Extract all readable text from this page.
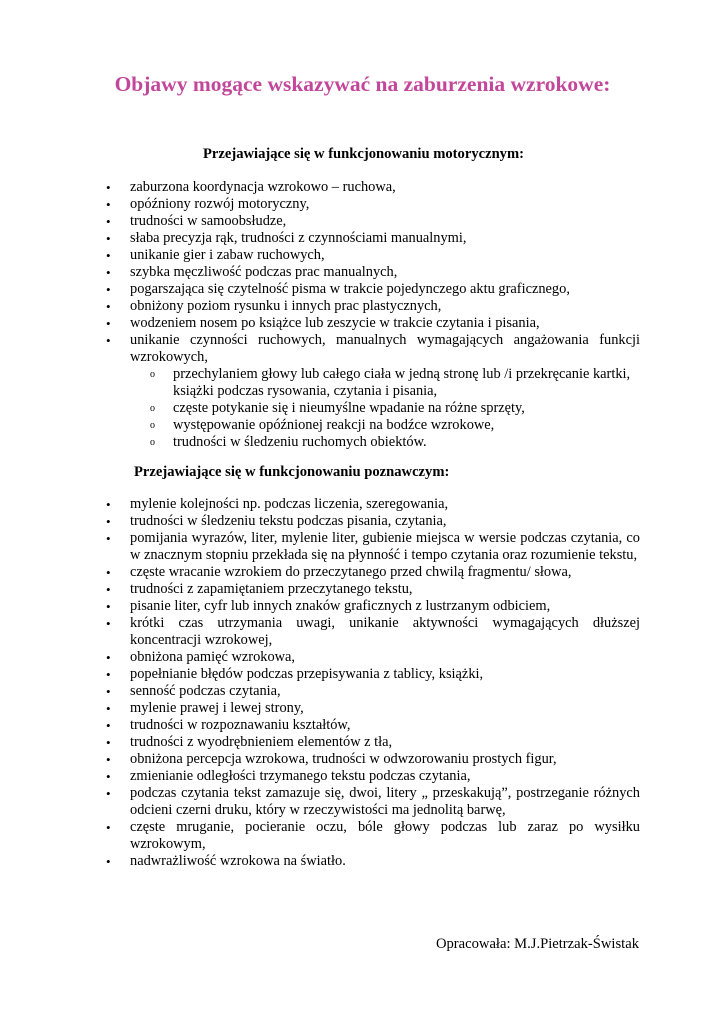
Objawy mogące wskazywać na zaburzenia wzrokowe:
Przejawiające się w funkcjonowaniu motorycznym:
• zaburzona koordynacja wzrokowo – ruchowa,
• opóźniony rozwój motoryczny,
• trudności w samoobsłudze,
• słaba precyzja rąk, trudności z czynnościami manualnymi,
• unikanie gier i zabaw ruchowych,
• szybka męczliwość podczas prac manualnych,
• pogarszająca się czytelność pisma w trakcie pojedynczego aktu graficznego,
• obniżony poziom rysunku i innych prac plastycznych,
• wodzeniem nosem po książce lub zeszycie w trakcie czytania i pisania,
• unikanie czynności ruchowych, manualnych wymagających angażowania funkcji wzrokowych,
o przechylaniem głowy lub całego ciała w jedną stronę lub /i przekręcanie kartki, książki podczas rysowania, czytania i pisania,
o częste potykanie się i nieumyślne wpadanie na różne sprzęty,
o występowanie opóźnionej reakcji na bodźce wzrokowe,
o trudności w śledzeniu ruchomych obiektów.
Przejawiające się w funkcjonowaniu poznawczym:
• mylenie kolejności np. podczas liczenia, szeregowania,
• trudności w śledzeniu tekstu podczas pisania, czytania,
• pomijania wyrazów, liter, mylenie liter, gubienie miejsca w wersie podczas czytania, co w znacznym stopniu przekłada się na płynność i tempo czytania oraz rozumienie tekstu,
• częste wracanie wzrokiem do przeczytanego przed chwilą fragmentu/ słowa,
• trudności z zapamiętaniem przeczytanego tekstu,
• pisanie liter, cyfr lub innych znaków graficznych z lustrzanym odbiciem,
• krótki czas utrzymania uwagi, unikanie aktywności wymagających dłuższej koncentracji wzrokowej,
• obniżona pamięć wzrokowa,
• popełnianie błędów podczas przepisywania z tablicy, książki,
• senność podczas czytania,
• mylenie prawej i lewej strony,
• trudności w rozpoznawaniu kształtów,
• trudności z wyodrębnieniem elementów z tła,
• obniżona percepcja wzrokowa, trudności w odwzorowaniu prostych figur,
• zmienianie odległości trzymanego tekstu podczas czytania,
• podczas czytania tekst zamazuje się, dwoi, litery „ przeskakują”, postrzeganie różnych odcieni czerni druku, który w rzeczywistości ma jednolitą barwę,
• częste mruganie, pocieranie oczu, bóle głowy podczas lub zaraz po wysiłku wzrokowym,
• nadwrażliwość wzrokowa na światło.
Opracowała: M.J.Pietrzak-Świstak
